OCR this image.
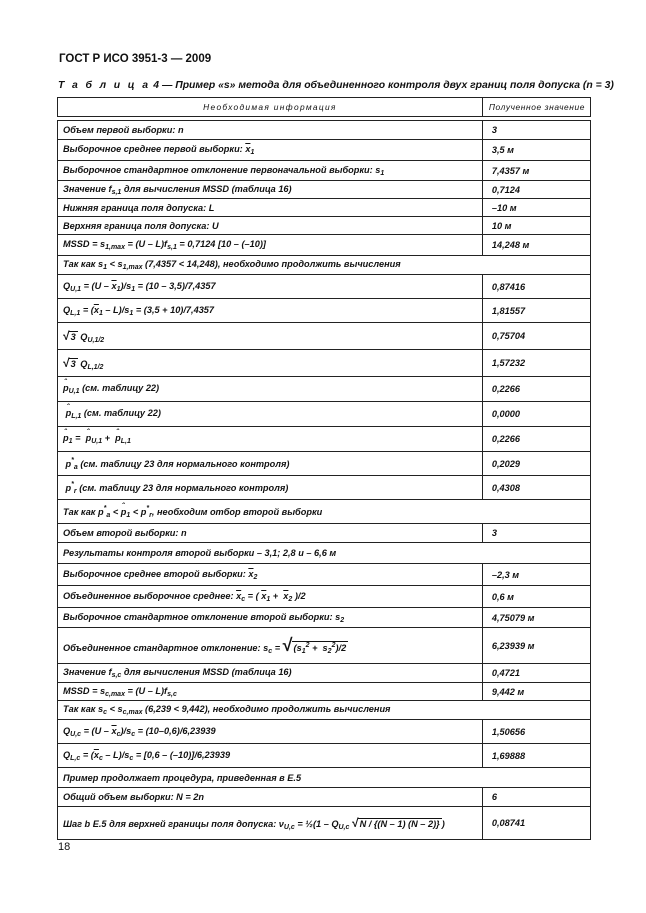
ГОСТ Р ИСО 3951-3 — 2009
Т а б л и ц а 4 — Пример «s» метода для объединенного контроля двух границ поля допуска (n = 3)
Необходимая информация	Полученное значение

Объем первой выборки: n	3
Выборочное среднее первой выборки: $\overline{x}_1$	3,5 м
Выборочное стандартное отклонение первоначальной выборки: $s_1$	7,4357 м
Значение $f_{s,1}$ для вычисления MSSD (таблица 16)	0,7124
Нижняя граница поля допуска: L	–10 м
Верхняя граница поля допуска: U	10 м
MSSD = $s_{1,max} = (U - L)f_{s,1} = 0,7124$ [10 – (–10)]	14,248 м
Так как $s_1 < s_{1,max}$ (7,4357 < 14,248), необходимо продолжить вычисления	
$Q_{U,1} = (U - \overline{x}_1)/s_1 = (10 - 3,5)/7,4357$	0,87416
$Q_{L,1} = (\overline{x}_1 - L)/s_1 = (3,5 + 10)/7,4357$	1,81557
√3 $Q_{U,1/2}$	0,75704
√3 $Q_{L,1/2}$	1,57232
ˆ $p_{U,1}$ (см. таблицу 22)	0,2266
ˆ $p_{L,1}$ (см. таблицу 22)	0,0000
ˆ $p_1$ =  ˆ $p_{U,1}$ +  ˆ $p_{L,1}$	0,2266
$p^*_a$ (см. таблицу 23 для нормального контроля)	0,2029
$p^*_r$ (см. таблицу 23 для нормального контроля)	0,4308
Так как $p^*_a$ < ˆ $p_1 < p^*_r$, необходим отбор второй выборки
Объем второй выборки: n	3
Результаты контроля второй выборки – 3,1; 2,8 и – 6,6 м	
Выборочное среднее второй выборки: $\overline{x}_2$	–2,3 м
Объединенное выборочное среднее: $\overline{x}_c$ = ( $\overline{x}_1 + \overline{x}_2$ )/2	0,6 м
Выборочное стандартное отклонение второй выборки: $s_2$	4,75079 м
Объединенное стандартное отклонение: $s_c = √(s_1^2 + s_2^2)/2$	6,23939 м
Значение $f_{s,c}$ для вычисления MSSD (таблица 16)	0,4721
MSSD = $s_{c,max} = (U - L)f_{s,c}$	9,442 м
Так как $s_c < s_{c,max}$ (6,239 < 9,442), необходимо продолжить вычисления	
$Q_{U,c} = (U - \overline{x}_c)/s_c = (10-0,6)/6,23939$	1,50656
$Q_{L,c} = (\overline{x}_c - L)/s_c = [0,6 - (-10)]/6,23939$	1,69888
Пример продолжает процедура, приведенная в Е.5	
Общий объем выборки: N = 2n	6
Шаг b Е.5 для верхней границы поля допуска: $\nu_{U,c}$ = ½(1 – $Q_{U,c}$ √N / {(N – 1) (N – 2)} )	0,08741
18
